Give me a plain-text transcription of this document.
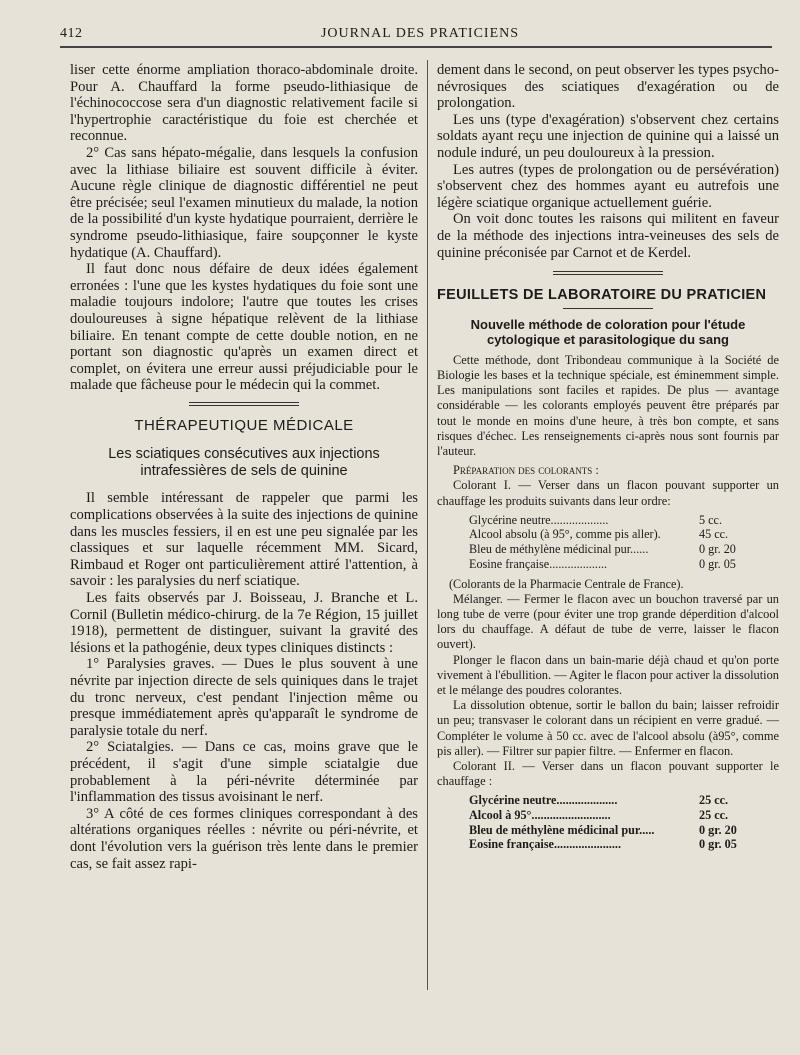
412	JOURNAL DES PRATICIENS

liser cette énorme ampliation thoraco-abdominale droite. Pour A. Chauffard la forme pseudo-lithiasique de l'échinococcose sera d'un diagnostic relativement facile si l'hypertrophie caractéristique du foie est cherchée et reconnue.

2° Cas sans hépato-mégalie, dans lesquels la confusion avec la lithiase biliaire est souvent difficile à éviter. Aucune règle clinique de diagnostic différentiel ne peut être précisée; seul l'examen minutieux du malade, la notion de la possibilité d'un kyste hydatique pourraient, derrière le syndrome pseudo-lithiasique, faire soupçonner le kyste hydatique (A. Chauffard).

Il faut donc nous défaire de deux idées également erronées : l'une que les kystes hydatiques du foie sont une maladie toujours indolore; l'autre que toutes les crises douloureuses à signe hépatique relèvent de la lithiase biliaire. En tenant compte de cette double notion, en ne portant son diagnostic qu'après un examen direct et complet, on évitera une erreur aussi préjudiciable pour le malade que fâcheuse pour le médecin qui la commet.

THÉRAPEUTIQUE MÉDICALE
Les sciatiques consécutives aux injections intrafessières de sels de quinine

Il semble intéressant de rappeler que parmi les complications observées à la suite des injections de quinine dans les muscles fessiers, il en est une peu signalée par les classiques et sur laquelle récemment MM. Sicard, Rimbaud et Roger ont particulièrement attiré l'attention, à savoir : les paralysies du nerf sciatique.

Les faits observés par J. Boisseau, J. Branche et L. Cornil (Bulletin médico-chirurg. de la 7e Région, 15 juillet 1918), permettent de distinguer, suivant la gravité des lésions et la pathogénie, deux types cliniques distincts :

1° Paralysies graves. — Dues le plus souvent à une névrite par injection directe de sels quiniques dans le trajet du tronc nerveux, c'est pendant l'injection même ou presque immédiatement après qu'apparaît le syndrome de paralysie totale du nerf.

2° Sciatalgies. — Dans ce cas, moins grave que le précédent, il s'agit d'une simple sciatalgie due probablement à la péri-névrite déterminée par l'inflammation des tissus avoisinant le nerf.

3° A côté de ces formes cliniques correspondant à des altérations organiques réelles : névrite ou péri-névrite, et dont l'évolution vers la guérison très lente dans le premier cas, se fait assez rapi-

dement dans le second, on peut observer les types psycho-névrosiques des sciatiques d'exagération ou de prolongation.

Les uns (type d'exagération) s'observent chez certains soldats ayant reçu une injection de quinine qui a laissé un nodule induré, un peu douloureux à la pression.

Les autres (types de prolongation ou de persévération) s'observent chez des hommes ayant eu autrefois une légère sciatique organique actuellement guérie.

On voit donc toutes les raisons qui militent en faveur de la méthode des injections intra-veineuses des sels de quinine préconisée par Carnot et de Kerdel.

FEUILLETS DE LABORATOIRE DU PRATICIEN
Nouvelle méthode de coloration pour l'étude cytologique et parasitologique du sang

Cette méthode, dont Tribondeau communique à la Société de Biologie les bases et la technique spéciale, est éminemment simple. Les manipulations sont faciles et rapides. De plus — avantage considérable — les colorants employés peuvent être préparés par tout le monde en moins d'une heure, à très bon compte, et sans risques d'échec. Les renseignements ci-après nous sont fournis par l'auteur.

Préparation des colorants :

Colorant I. — Verser dans un flacon pouvant supporter un chauffage les produits suivants dans leur ordre:

Glycérine neutre...................	5 cc.
Alcool absolu (à 95°, comme pis aller).	45 cc.
Bleu de méthylène médicinal pur......	0 gr. 20
Eosine française...................	0 gr. 05
(Colorants de la Pharmacie Centrale de France).

Mélanger. — Fermer le flacon avec un bouchon traversé par un long tube de verre (pour éviter une trop grande déperdition d'alcool lors du chauffage. A défaut de tube de verre, laisser le flacon ouvert).

Plonger le flacon dans un bain-marie déjà chaud et qu'on porte vivement à l'ébullition. — Agiter le flacon pour activer la dissolution et le mélange des poudres colorantes.

La dissolution obtenue, sortir le ballon du bain; laisser refroidir un peu; transvaser le colorant dans un récipient en verre gradué. — Compléter le volume à 50 cc. avec de l'alcool absolu (à95°, comme pis aller). — Filtrer sur papier filtre. — Enfermer en flacon.

Colorant II. — Verser dans un flacon pouvant supporter le chauffage :

Glycérine neutre....................	25 cc.
Alcool à 95°..........................	25 cc.
Bleu de méthylène médicinal pur.....	0 gr. 20
Eosine française......................	0 gr. 05
